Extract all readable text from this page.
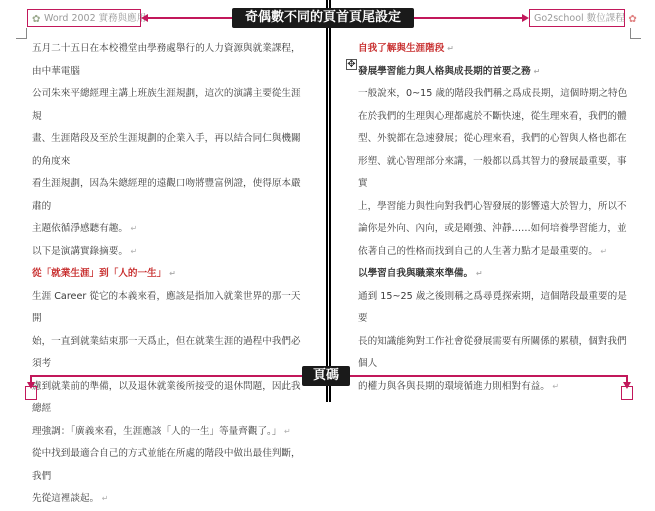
✿ Word 2002 實務與應用	Go2school 數位課程 ✿
奇偶數不同的頁首頁尾設定
五月二十五日在本校禮堂由學務處舉行的人力資源與就業課程，由中華電腦
公司朱來平總經理主講上班族生涯規劃，這次的演講主要從生涯規
畫、生涯階段及至於生涯規劃的企業入手，再以結合同仁與機關的角度來
看生涯規劃，因為朱總經理的遠觀口吻將豐富例證，使得原本嚴肅的
主題依循淨感聽有趣。 ↵
以下是演講實錄摘要。 ↵
從「就業生涯」到「人的一生」 ↵
生涯 Career 從它的本義來看，應該是指加入就業世界的那一天開
始，一直到就業結束那一天爲止，但在就業生涯的過程中我們必須考
慮到就業前的準備，以及退休就業後所接受的退休問題，因此我總經
理強調：「廣義來看，生涯應該「人的一生」等量齊觀了。」 ↵
從中找到最適合自己的方式並能在所處的階段中做出最佳判斷，我們
先從這裡談起。 ↵
✥
自我了解與生涯階段 ↵
發展學習能力與人格與成長期的首要之務 ↵
一般說來，0~15 歲的階段我們稱之爲成長期，這個時期之特色
在於我們的生理與心理都處於不斷快速，從生理來看，我們的體
型、外貌都在急速發展；從心理來看，我們的心智與人格也都在
形塑、就心智理部分來講，一般都以爲其智力的發展最重要，事實
上，學習能力與性向對我們心智發展的影響遠大於智力，所以不
論你是外向、內向，或是剛強、沖靜……如何培養學習能力，並
依著自己的性格而找到自己的人生著力點才是最重要的。 ↵
以學習自我與職業來準備。 ↵
通到 15~25 歲之後則稱之爲尋覓探索期，這個階段最重要的是要
長的知識能夠對工作社會從發展需要有所關係的累積，個對我們個人
的權力與各與長期的環境循進力則相對有益。 ↵
頁碼
